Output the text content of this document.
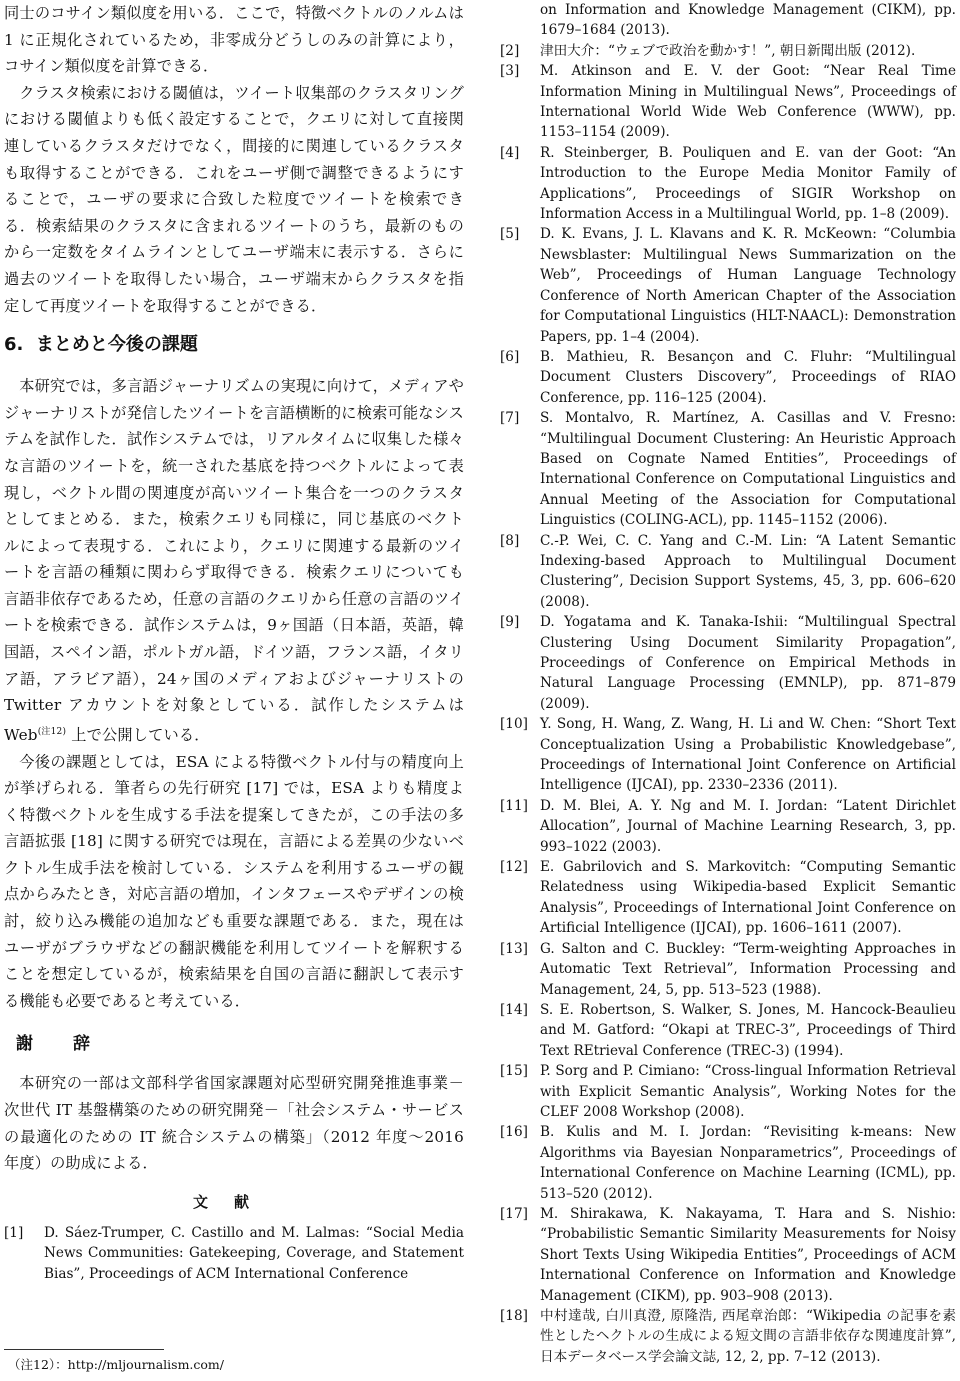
同士のコサイン類似度を用いる．ここで，特徴ベクトルのノルムは 1 に正規化されているため，非零成分どうしのみの計算により，コサイン類似度を計算できる．

クラスタ検索における閾値は，ツイート収集部のクラスタリングにおける閾値よりも低く設定することで，クエリに対して直接関連しているクラスタだけでなく，間接的に関連しているクラスタも取得することができる．これをユーザ側で調整できるようにすることで，ユーザの要求に合致した粒度でツイートを検索できる．検索結果のクラスタに含まれるツイートのうち，最新のものから一定数をタイムラインとしてユーザ端末に表示する．さらに過去のツイートを取得したい場合，ユーザ端末からクラスタを指定して再度ツイートを取得することができる．

6. まとめと今後の課題

本研究では，多言語ジャーナリズムの実現に向けて，メディアやジャーナリストが発信したツイートを言語横断的に検索可能なシステムを試作した．試作システムでは，リアルタイムに収集した様々な言語のツイートを，統一された基底を持つベクトルによって表現し，ベクトル間の関連度が高いツイート集合を一つのクラスタとしてまとめる．また，検索クエリも同様に，同じ基底のベクトルによって表現する．これにより，クエリに関連する最新のツイートを言語の種類に関わらず取得できる．検索クエリについても言語非依存であるため，任意の言語のクエリから任意の言語のツイートを検索できる．試作システムは，9ヶ国語（日本語，英語，韓国語，スペイン語，ポルトガル語，ドイツ語，フランス語，イタリア語，アラビア語），24ヶ国のメディアおよびジャーナリストの Twitter アカウントを対象としている．試作したシステムは Web$^{(注12)}$ 上で公開している．

今後の課題としては，ESA による特徴ベクトル付与の精度向上が挙げられる．筆者らの先行研究 [17] では，ESA よりも精度よく特徴ベクトルを生成する手法を提案してきたが，この手法の多言語拡張 [18] に関する研究では現在，言語による差異の少ないベクトル生成手法を検討している．システムを利用するユーザの観点からみたとき，対応言語の増加，インタフェースやデザインの検討，絞り込み機能の追加なども重要な課題である．また，現在はユーザがブラウザなどの翻訳機能を利用してツイートを解釈することを想定しているが，検索結果を自国の言語に翻訳して表示する機能も必要であると考えている．

謝辞

本研究の一部は文部科学省国家課題対応型研究開発推進事業－次世代 IT 基盤構築のための研究開発－「社会システム・サービスの最適化のための IT 統合システムの構築」（2012 年度～2016 年度）の助成による．

文献
[1]	D. Sáez-Trumper, C. Castillo and M. Lalmas: “Social Media News Communities: Gatekeeping, Coverage, and Statement Bias”, Proceedings of ACM International Conference
on Information and Knowledge Management (CIKM), pp. 1679–1684 (2013).
[2]	津田大介：“ウェブで政治を動かす！”, 朝日新聞出版 (2012).
[3]	M. Atkinson and E. V. der Goot: “Near Real Time Information Mining in Multilingual News”, Proceedings of International World Wide Web Conference (WWW), pp. 1153–1154 (2009).
[4]	R. Steinberger, B. Pouliquen and E. van der Goot: “An Introduction to the Europe Media Monitor Family of Applications”, Proceedings of SIGIR Workshop on Information Access in a Multilingual World, pp. 1–8 (2009).
[5]	D. K. Evans, J. L. Klavans and K. R. McKeown: “Columbia Newsblaster: Multilingual News Summarization on the Web”, Proceedings of Human Language Technology Conference of North American Chapter of the Association for Computational Linguistics (HLT-NAACL): Demonstration Papers, pp. 1–4 (2004).
[6]	B. Mathieu, R. Besançon and C. Fluhr: “Multilingual Document Clusters Discovery”, Proceedings of RIAO Conference, pp. 116–125 (2004).
[7]	S. Montalvo, R. Martínez, A. Casillas and V. Fresno: “Multilingual Document Clustering: An Heuristic Approach Based on Cognate Named Entities”, Proceedings of International Conference on Computational Linguistics and Annual Meeting of the Association for Computational Linguistics (COLING-ACL), pp. 1145–1152 (2006).
[8]	C.-P. Wei, C. C. Yang and C.-M. Lin: “A Latent Semantic Indexing-based Approach to Multilingual Document Clustering”, Decision Support Systems, 45, 3, pp. 606–620 (2008).
[9]	D. Yogatama and K. Tanaka-Ishii: “Multilingual Spectral Clustering Using Document Similarity Propagation”, Proceedings of Conference on Empirical Methods in Natural Language Processing (EMNLP), pp. 871–879 (2009).
[10] Y. Song, H. Wang, Z. Wang, H. Li and W. Chen: “Short Text Conceptualization Using a Probabilistic Knowledgebase”, Proceedings of International Joint Conference on Artificial Intelligence (IJCAI), pp. 2330–2336 (2011).
[11] D. M. Blei, A. Y. Ng and M. I. Jordan: “Latent Dirichlet Allocation”, Journal of Machine Learning Research, 3, pp. 993–1022 (2003).
[12] E. Gabrilovich and S. Markovitch: “Computing Semantic Relatedness using Wikipedia-based Explicit Semantic Analysis”, Proceedings of International Joint Conference on Artificial Intelligence (IJCAI), pp. 1606–1611 (2007).
[13] G. Salton and C. Buckley: “Term-weighting Approaches in Automatic Text Retrieval”, Information Processing and Management, 24, 5, pp. 513–523 (1988).
[14] S. E. Robertson, S. Walker, S. Jones, M. Hancock-Beaulieu and M. Gatford: “Okapi at TREC-3”, Proceedings of Third Text REtrieval Conference (TREC-3) (1994).
[15] P. Sorg and P. Cimiano: “Cross-lingual Information Retrieval with Explicit Semantic Analysis”, Working Notes for the CLEF 2008 Workshop (2008).
[16] B. Kulis and M. I. Jordan: “Revisiting k-means: New Algorithms via Bayesian Nonparametrics”, Proceedings of International Conference on Machine Learning (ICML), pp. 513–520 (2012).
[17] M. Shirakawa, K. Nakayama, T. Hara and S. Nishio: “Probabilistic Semantic Similarity Measurements for Noisy Short Texts Using Wikipedia Entities”, Proceedings of ACM International Conference on Information and Knowledge Management (CIKM), pp. 903–908 (2013).
[18] 中村達哉, 白川真澄, 原隆浩, 西尾章治郎：“Wikipedia の記事を素性としたヘクトルの生成による短文間の言語非依存な関連度計算”, 日本データベース学会論文誌, 12, 2, pp. 7–12 (2013).
（注12）：http://mljournalism.com/
